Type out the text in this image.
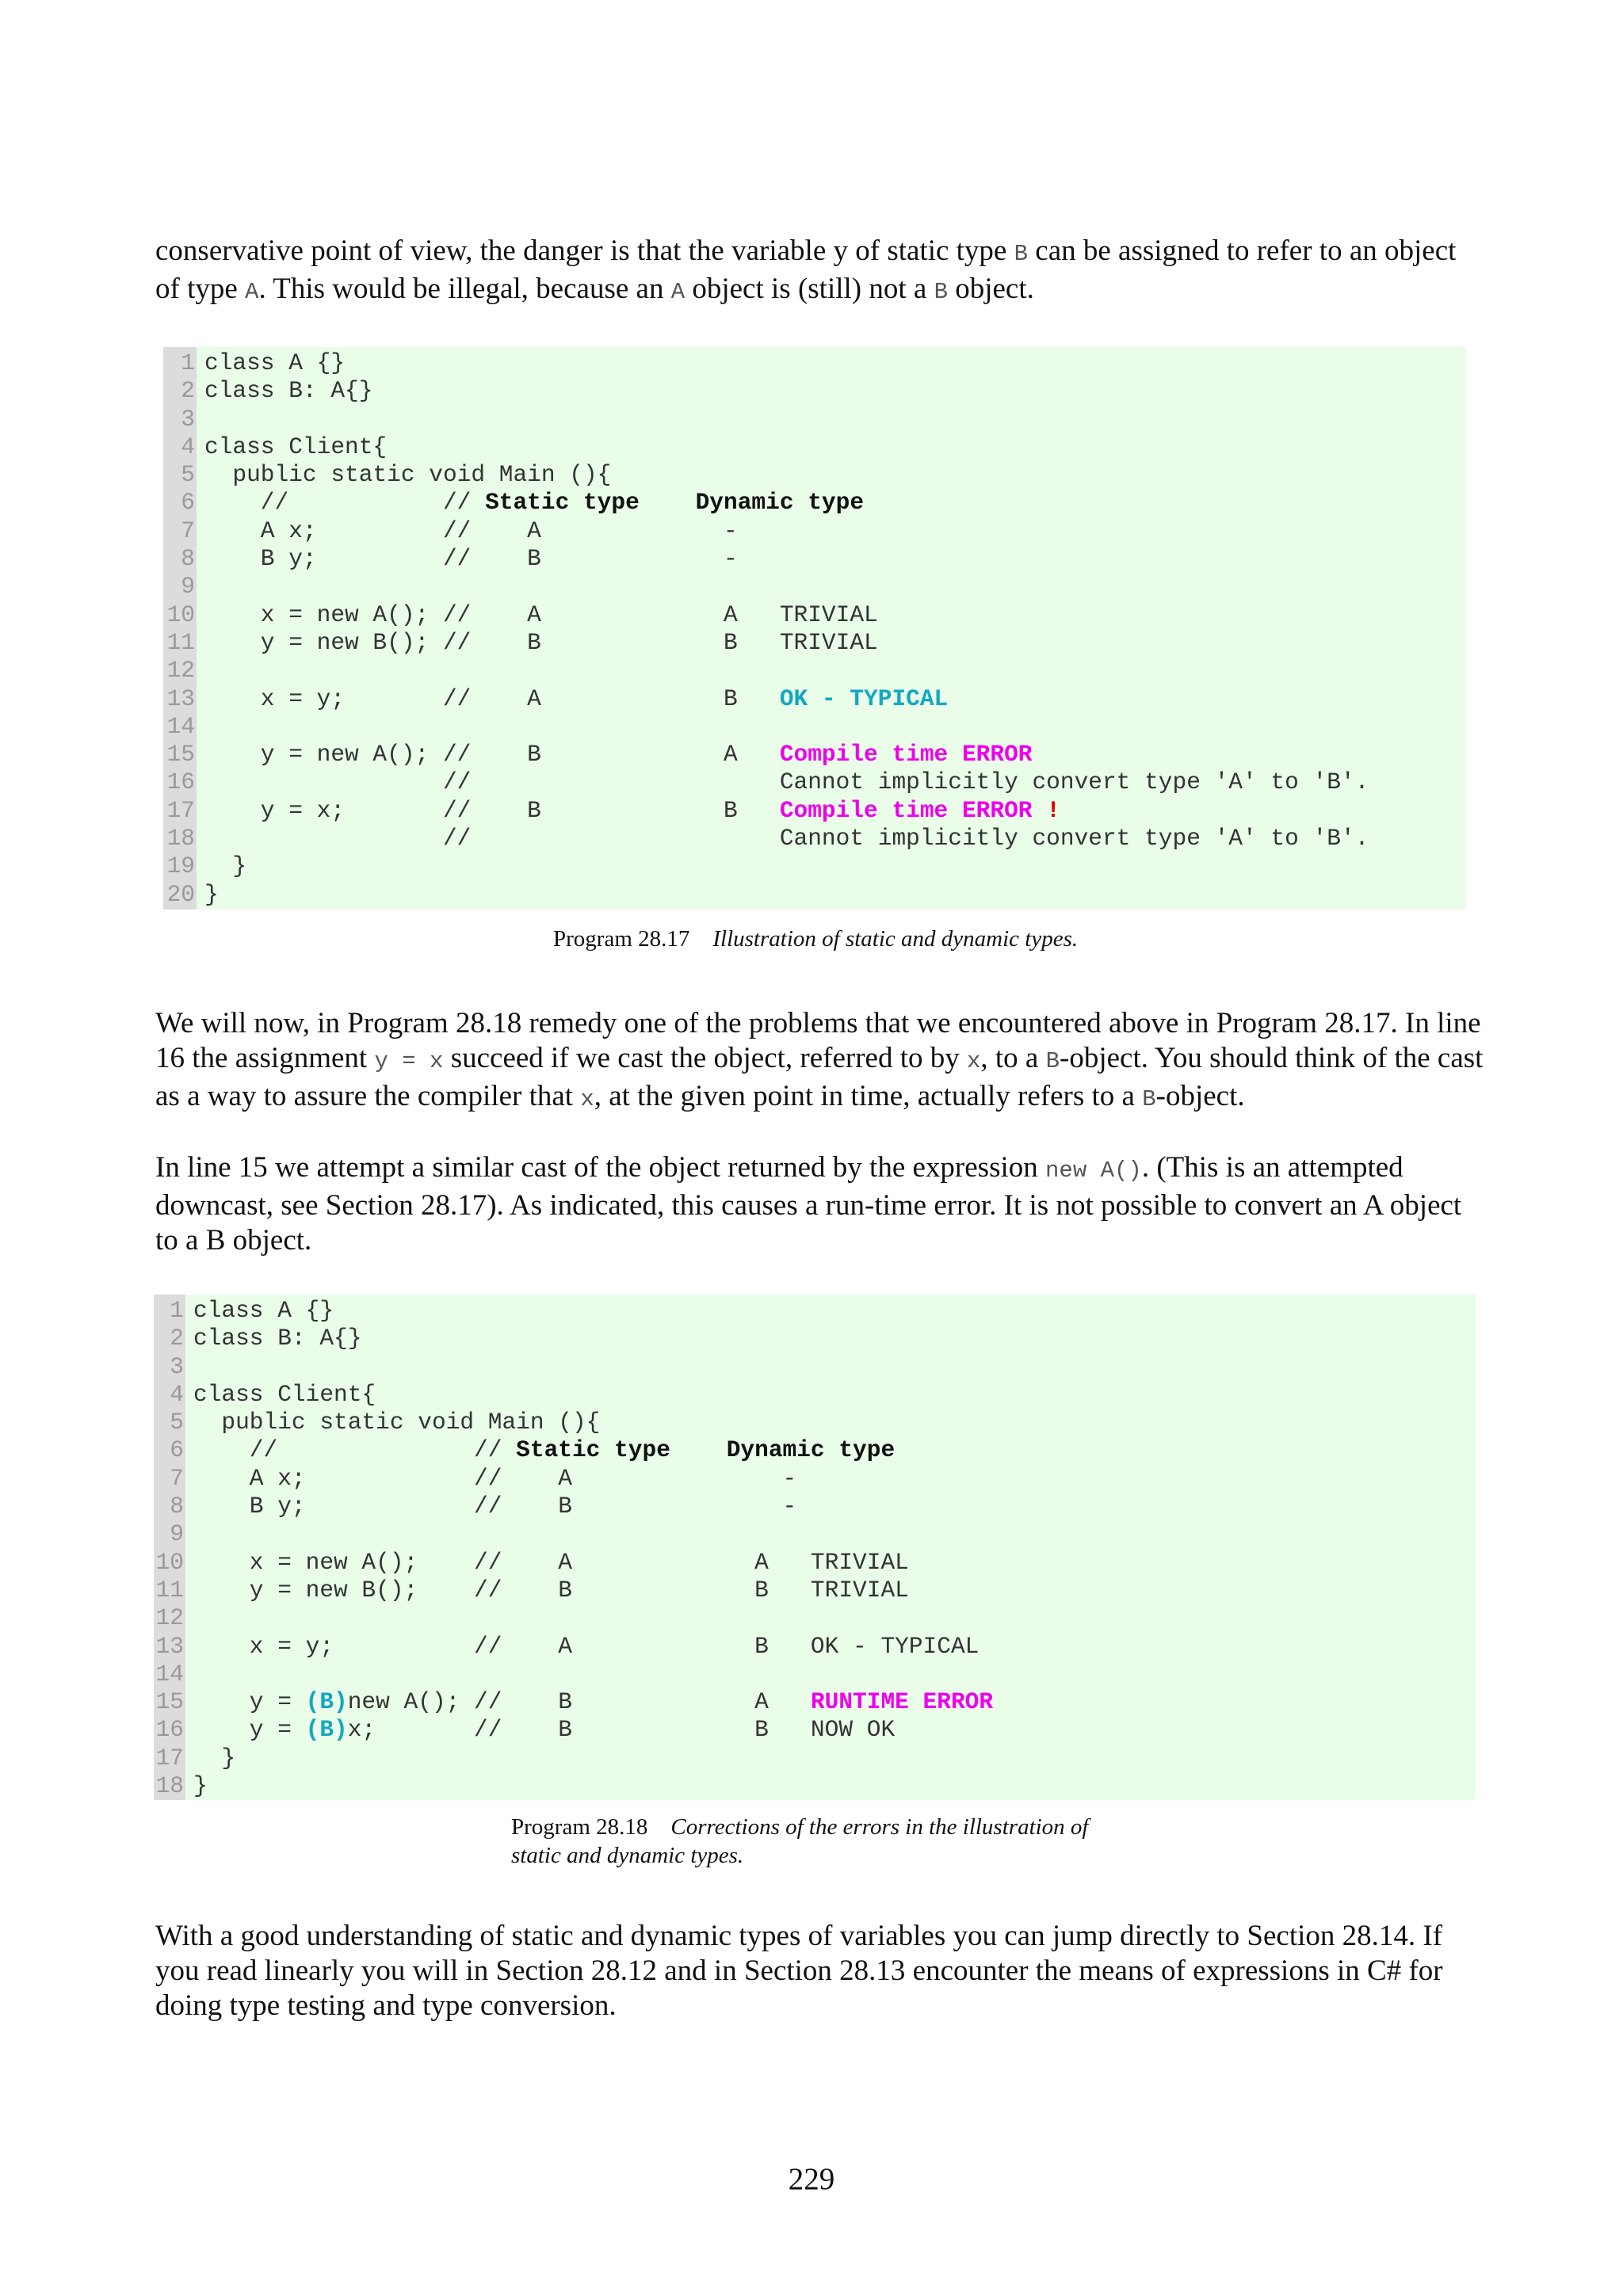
conservative point of view, the danger is that the variable y of static type B can be assigned to refer to an object of type A. This would be illegal, because an A object is (still) not a B object.

1
2
3
4
5
6
7
8
9
10
11
12
13
14
15
16
17
18
19
20
class A {}
class B: A{}
class Client{
public static void Main (){
//           // Static type Dynamic type
A x;         //    A             -
B y;         //    B             -
x = new A(); //    A             A   TRIVIAL
y = new B(); //    B             B   TRIVIAL
x = y;       //    A             B   OK - TYPICAL
y = new A(); //    B             A   Compile time ERROR
//                      Cannot implicitly convert type 'A' to 'B'.
y = x;       //    B             B   Compile time ERROR !
//                      Cannot implicitly convert type 'A' to 'B'.
}
}

Program 28.17 Illustration of static and dynamic types.

We will now, in Program 28.18 remedy one of the problems that we encountered above in Program 28.17. In line 16 the assignment y = x succeed if we cast the object, referred to by x, to a B-object. You should think of the cast as a way to assure the compiler that x, at the given point in time, actually refers to a B-object.

In line 15 we attempt a similar cast of the object returned by the expression new A(). (This is an attempted downcast, see Section 28.17). As indicated, this causes a run-time error. It is not possible to convert an A object to a B object.

1
2
3
4
5
6
7
8
9
10
11
12
13
14
15
16
17
18
class A {}
class B: A{}
class Client{
public static void Main (){
//              // Static type Dynamic type
A x;            //    A               -
B y;            //    B               -
x = new A();    //    A             A   TRIVIAL
y = new B();    //    B             B   TRIVIAL
x = y;          //    A             B   OK - TYPICAL
y = (B)new A(); //    B             A   RUNTIME ERROR
y = (B)x;       //    B             B   NOW OK
}
}
Program 28.18 Corrections of the errors in the illustration of
static and dynamic types.

With a good understanding of static and dynamic types of variables you can jump directly to Section 28.14. If you read linearly you will in Section 28.12 and in Section 28.13 encounter the means of expressions in C# for doing type testing and type conversion.

229
